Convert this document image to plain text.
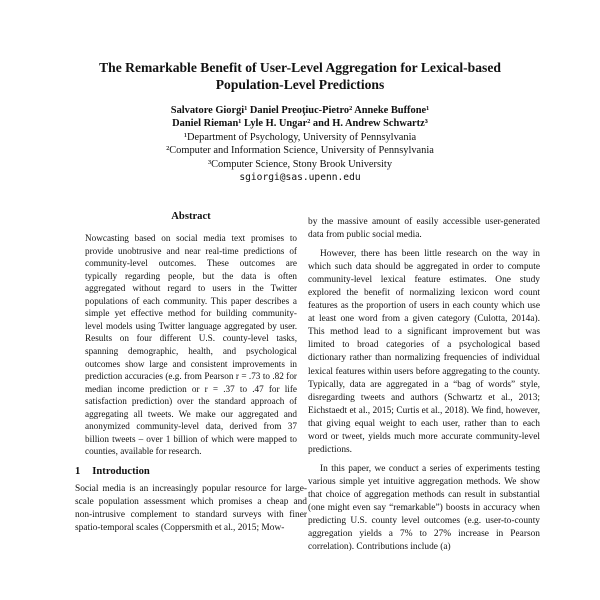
The Remarkable Benefit of User-Level Aggregation for Lexical-based
Population-Level Predictions
Salvatore Giorgi¹ Daniel Preoţiuc-Pietro² Anneke Buffone¹
Daniel Rieman¹ Lyle H. Ungar² and H. Andrew Schwartz³
¹Department of Psychology, University of Pennsylvania
²Computer and Information Science, University of Pennsylvania
³Computer Science, Stony Brook University
sgiorgi@sas.upenn.edu
Abstract
Nowcasting based on social media text promises to provide unobtrusive and near real-time predictions of community-level outcomes. These outcomes are typically regarding people, but the data is often aggregated without regard to users in the Twitter populations of each community. This paper describes a simple yet effective method for building community-level models using Twitter language aggregated by user. Results on four different U.S. county-level tasks, spanning demographic, health, and psychological outcomes show large and consistent improvements in prediction accuracies (e.g. from Pearson r = .73 to .82 for median income prediction or r = .37 to .47 for life satisfaction prediction) over the standard approach of aggregating all tweets. We make our aggregated and anonymized community-level data, derived from 37 billion tweets – over 1 billion of which were mapped to counties, available for research.
1 Introduction

Social media is an increasingly popular resource for large-scale population assessment which promises a cheap and non-intrusive complement to standard surveys with finer spatio-temporal scales (Coppersmith et al., 2015; Mow-

by the massive amount of easily accessible user-generated data from public social media.

However, there has been little research on the way in which such data should be aggregated in order to compute community-level lexical feature estimates. One study explored the benefit of normalizing lexicon word count features as the proportion of users in each county which use at least one word from a given category (Culotta, 2014a). This method lead to a significant improvement but was limited to broad categories of a psychological based dictionary rather than normalizing frequencies of individual lexical features within users before aggregating to the county. Typically, data are aggregated in a “bag of words” style, disregarding tweets and authors (Schwartz et al., 2013; Eichstaedt et al., 2015; Curtis et al., 2018). We find, however, that giving equal weight to each user, rather than to each word or tweet, yields much more accurate community-level predictions.

In this paper, we conduct a series of experiments testing various simple yet intuitive aggregation methods. We show that choice of aggregation methods can result in substantial (one might even say “remarkable”) boosts in accuracy when predicting U.S. county level outcomes (e.g. user-to-county aggregation yields a 7% to 27% increase in Pearson correlation). Contributions include (a)
